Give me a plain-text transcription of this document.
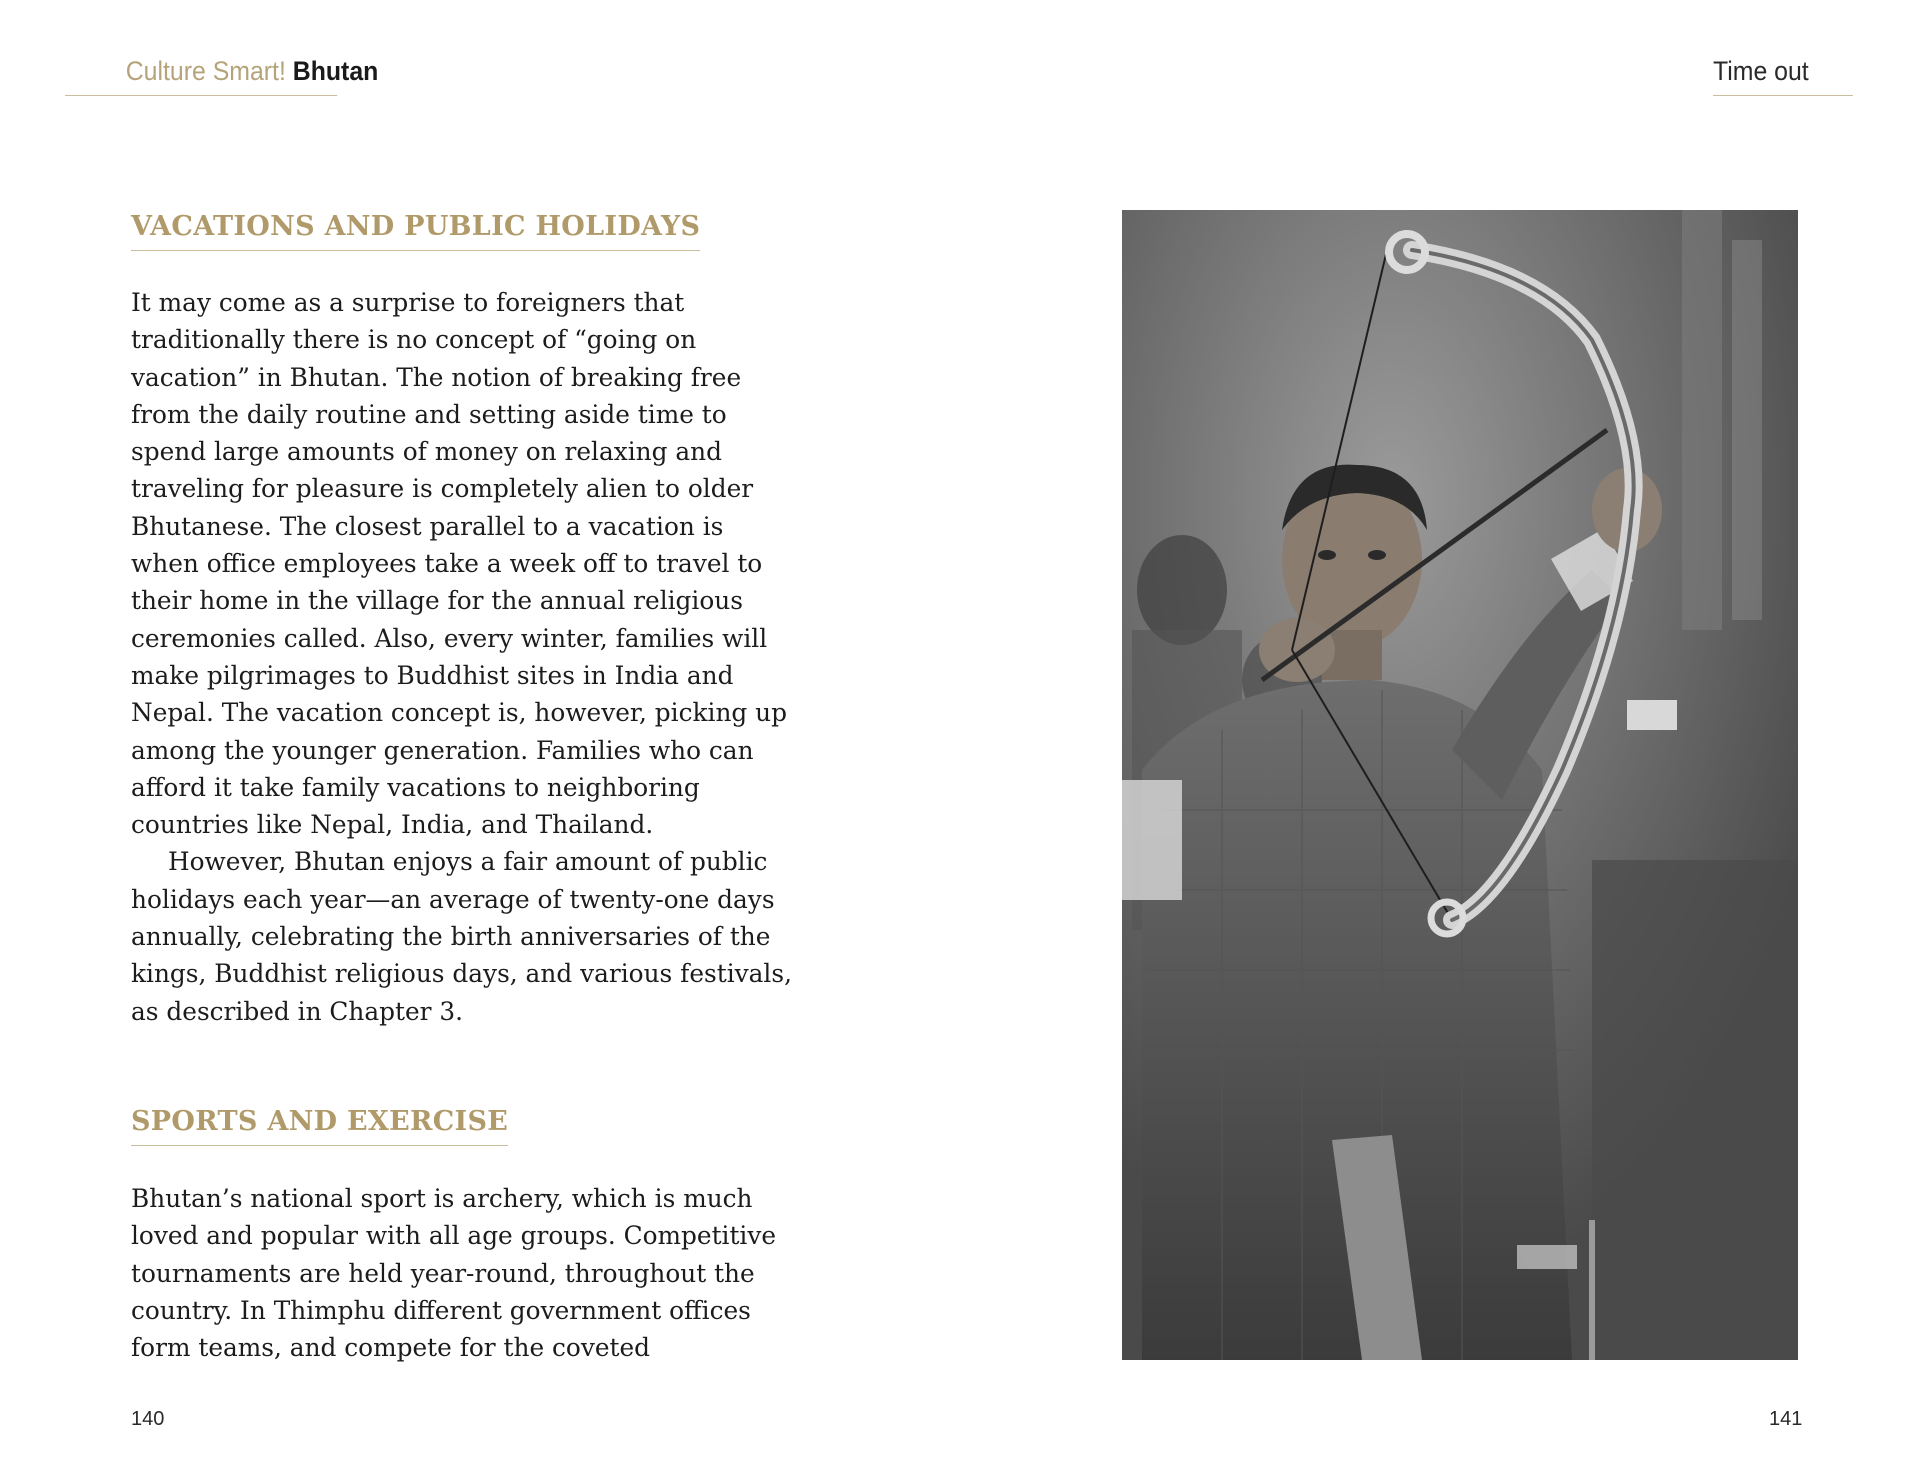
Culture Smart! Bhutan	Time out
VACATIONS AND PUBLIC HOLIDAYS

It may come as a surprise to foreigners that
traditionally there is no concept of “going on
vacation” in Bhutan. The notion of breaking free
from the daily routine and setting aside time to
spend large amounts of money on relaxing and
traveling for pleasure is completely alien to older
Bhutanese. The closest parallel to a vacation is
when office employees take a week off to travel to
their home in the village for the annual religious
ceremonies called. Also, every winter, families will
make pilgrimages to Buddhist sites in India and
Nepal. The vacation concept is, however, picking up
among the younger generation. Families who can
afford it take family vacations to neighboring
countries like Nepal, India, and Thailand.
However, Bhutan enjoys a fair amount of public
holidays each year—an average of twenty-one days
annually, celebrating the birth anniversaries of the
kings, Buddhist religious days, and various festivals,
as described in Chapter 3.

SPORTS AND EXERCISE

Bhutan’s national sport is archery, which is much
loved and popular with all age groups. Competitive
tournaments are held year-round, throughout the
country. In Thimphu different government offices
form teams, and compete for the coveted

140	141
